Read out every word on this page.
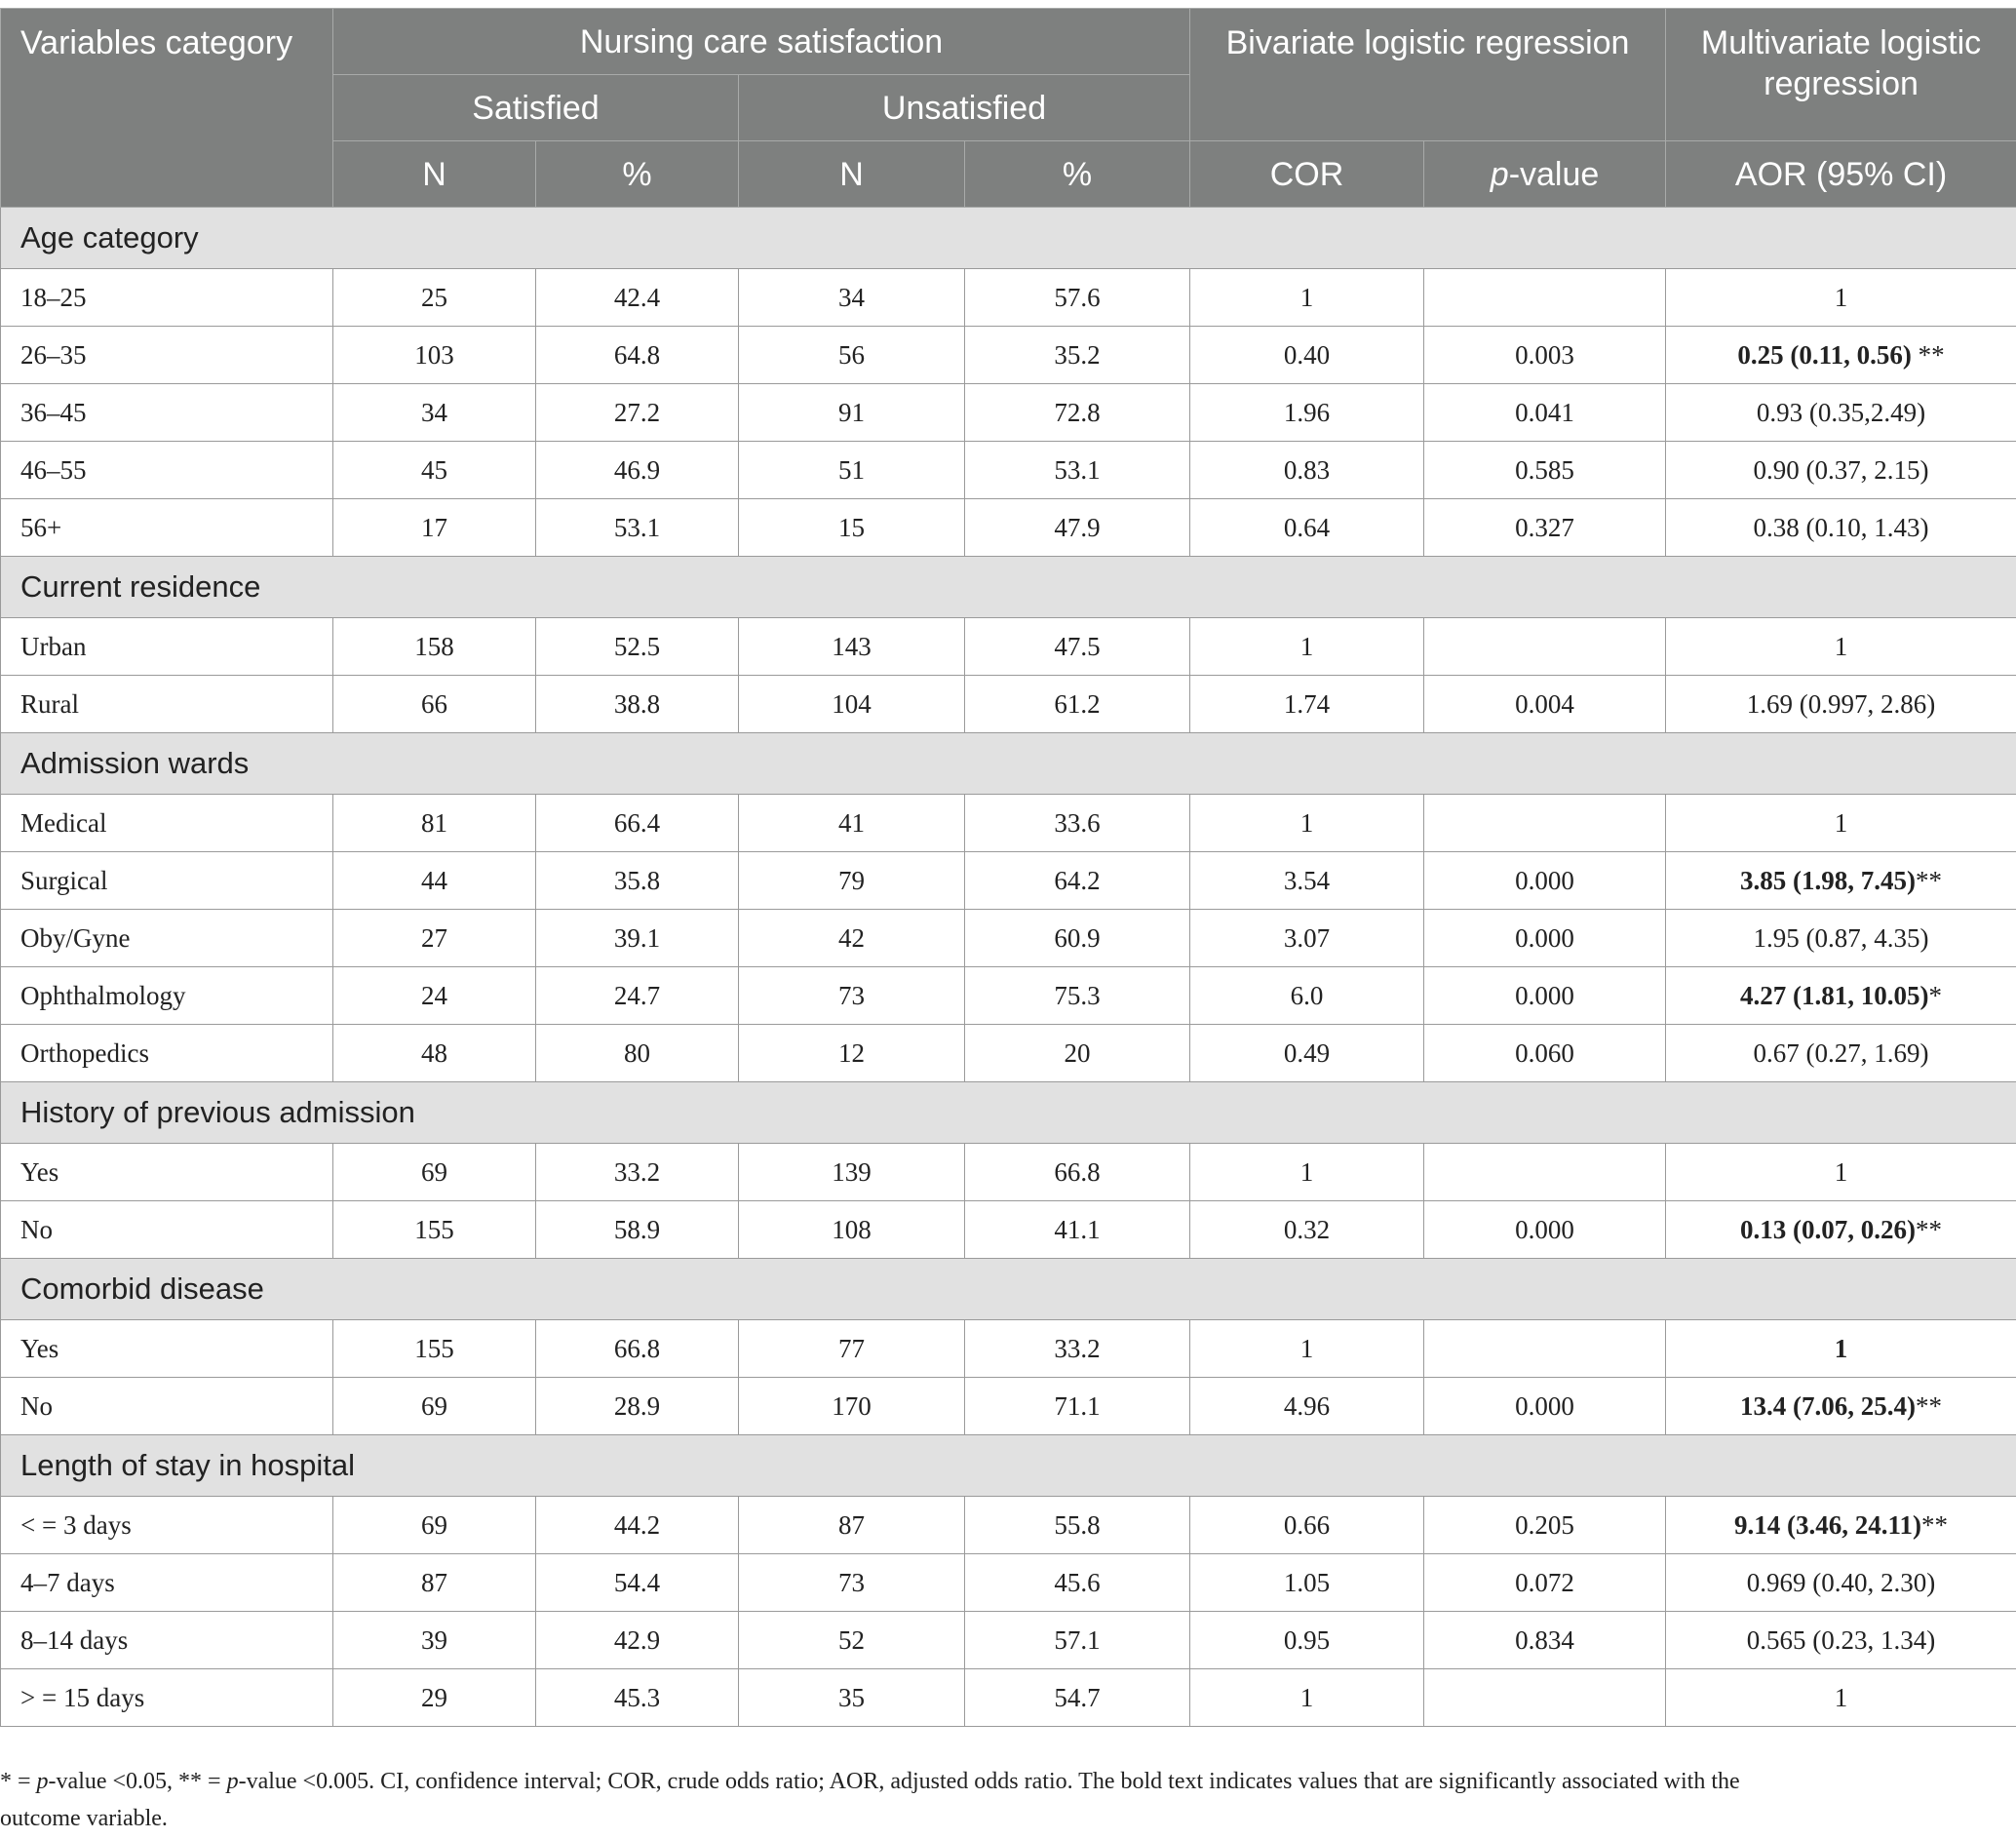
Variables category	Nursing care satisfaction				Bivariate logistic regression		Multivariate logistic regression
	Satisfied		Unsatisfied				
	N	%	N	%	COR	p-value	AOR (95% CI)
Age category							
18–25	25	42.4	34	57.6	1		1
26–35	103	64.8	56	35.2	0.40	0.003	0.25 (0.11, 0.56) **
36–45	34	27.2	91	72.8	1.96	0.041	0.93 (0.35,2.49)
46–55	45	46.9	51	53.1	0.83	0.585	0.90 (0.37, 2.15)
56+	17	53.1	15	47.9	0.64	0.327	0.38 (0.10, 1.43)
Current residence							
Urban	158	52.5	143	47.5	1		1
Rural	66	38.8	104	61.2	1.74	0.004	1.69 (0.997, 2.86)
Admission wards							
Medical	81	66.4	41	33.6	1		1
Surgical	44	35.8	79	64.2	3.54	0.000	3.85 (1.98, 7.45)**
Oby/Gyne	27	39.1	42	60.9	3.07	0.000	1.95 (0.87, 4.35)
Ophthalmology	24	24.7	73	75.3	6.0	0.000	4.27 (1.81, 10.05)*
Orthopedics	48	80	12	20	0.49	0.060	0.67 (0.27, 1.69)
History of previous admission							
Yes	69	33.2	139	66.8	1		1
No	155	58.9	108	41.1	0.32	0.000	0.13 (0.07, 0.26)**
Comorbid disease							
Yes	155	66.8	77	33.2	1		1
No	69	28.9	170	71.1	4.96	0.000	13.4 (7.06, 25.4)**
Length of stay in hospital							
< = 3 days	69	44.2	87	55.8	0.66	0.205	9.14 (3.46, 24.11)**
4–7 days	87	54.4	73	45.6	1.05	0.072	0.969 (0.40, 2.30)
8–14 days	39	42.9	52	57.1	0.95	0.834	0.565 (0.23, 1.34)
> = 15 days	29	45.3	35	54.7	1		1

* = p-value <0.05, ** = p-value <0.005. CI, confidence interval; COR, crude odds ratio; AOR, adjusted odds ratio. The bold text indicates values that are significantly associated with the

outcome variable.
